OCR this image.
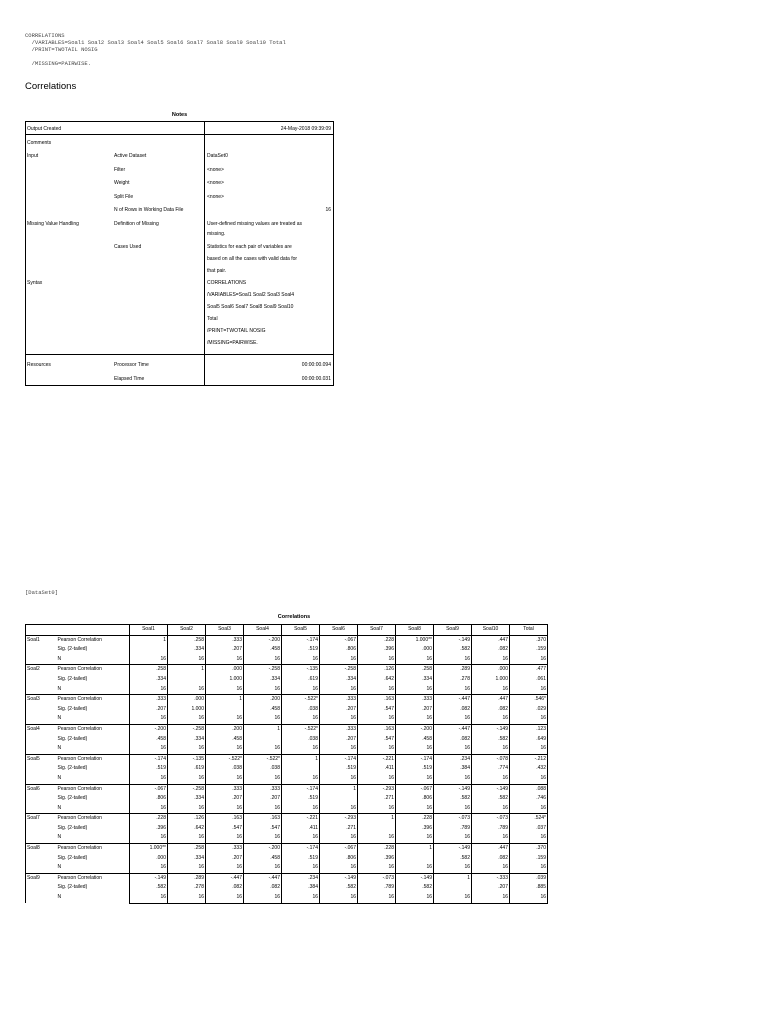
CORRELATIONS
/VARIABLES=Soal1 Soal2 Soal3 Soal4 Soal5 Soal6 Soal7 Soal8 Soal9 Soal10 Total
/PRINT=TWOTAIL NOSIG

/MISSING=PAIRWISE.
Correlations
Notes
Output Created	24-May-2018 09:39:09
Comments
Input	Active Dataset	DataSet0
Filter	<none>
Weight	<none>
Split File	<none>
N of Rows in Working Data File	16
Missing Value Handling	Definition of Missing	User-defined missing values are treated as
missing.
Cases Used	Statistics for each pair of variables are
based on all the cases with valid data for
that pair.
Syntax	CORRELATIONS
/VARIABLES=Soal1 Soal2 Soal3 Soal4
Soal5 Soal6 Soal7 Soal8 Soal9 Soal10
Total
/PRINT=TWOTAIL NOSIG
/MISSING=PAIRWISE.
Resources	Processor Time	00:00:00.094
Elapsed Time	00:00:00.031
[DataSet0]
Correlations
		Soal1	Soal2	Soal3	Soal4	Soal5	Soal6	Soal7	Soal8	Soal9	Soal10	Total
Soal1	Pearson Correlation	1	.258	.333	-.200	-.174	-.067	.228	1.000**	-.149	.447	.370
	Sig. (2-tailed)		.334	.207	.458	.519	.806	.396	.000	.582	.082	.159
	N	16	16	16	16	16	16	16	16	16	16	16
Soal2	Pearson Correlation	.258	1	.000	-.258	-.135	-.258	.126	.258	.289	.000	.477
	Sig. (2-tailed)	.334		1.000	.334	.619	.334	.642	.334	.278	1.000	.061
	N	16	16	16	16	16	16	16	16	16	16	16
Soal3	Pearson Correlation	.333	.000	1	.200	-.522*	.333	.163	.333	-.447	.447	.546*
	Sig. (2-tailed)	.207	1.000		.458	.038	.207	.547	.207	.082	.082	.029
	N	16	16	16	16	16	16	16	16	16	16	16
Soal4	Pearson Correlation	-.200	-.258	.200	1	-.522*	.333	.163	-.200	-.447	-.149	.123
	Sig. (2-tailed)	.458	.334	.458		.038	.207	.547	.458	.082	.582	.649
	N	16	16	16	16	16	16	16	16	16	16	16
Soal5	Pearson Correlation	-.174	-.135	-.522*	-.522*	1	-.174	-.221	-.174	.234	-.078	-.212
	Sig. (2-tailed)	.519	.619	.038	.038		.519	.411	.519	.384	.774	.432
	N	16	16	16	16	16	16	16	16	16	16	16
Soal6	Pearson Correlation	-.067	-.258	.333	.333	-.174	1	-.293	-.067	-.149	-.149	.088
	Sig. (2-tailed)	.806	.334	.207	.207	.519		.271	.806	.582	.582	.746
	N	16	16	16	16	16	16	16	16	16	16	16
Soal7	Pearson Correlation	.228	.126	.163	.163	-.221	-.293	1	.228	-.073	-.073	.524*
	Sig. (2-tailed)	.396	.642	.547	.547	.411	.271		.396	.789	.789	.037
	N	16	16	16	16	16	16	16	16	16	16	16
Soal8	Pearson Correlation	1.000**	.258	.333	-.200	-.174	-.067	.228	1	-.149	.447	.370
	Sig. (2-tailed)	.000	.334	.207	.458	.519	.806	.396		.582	.082	.159
	N	16	16	16	16	16	16	16	16	16	16	16
Soal9	Pearson Correlation	-.149	.289	-.447	-.447	.234	-.149	-.073	-.149	1	-.333	.039
	Sig. (2-tailed)	.582	.278	.082	.082	.384	.582	.789	.582		.207	.885
	N	16	16	16	16	16	16	16	16	16	16	16
